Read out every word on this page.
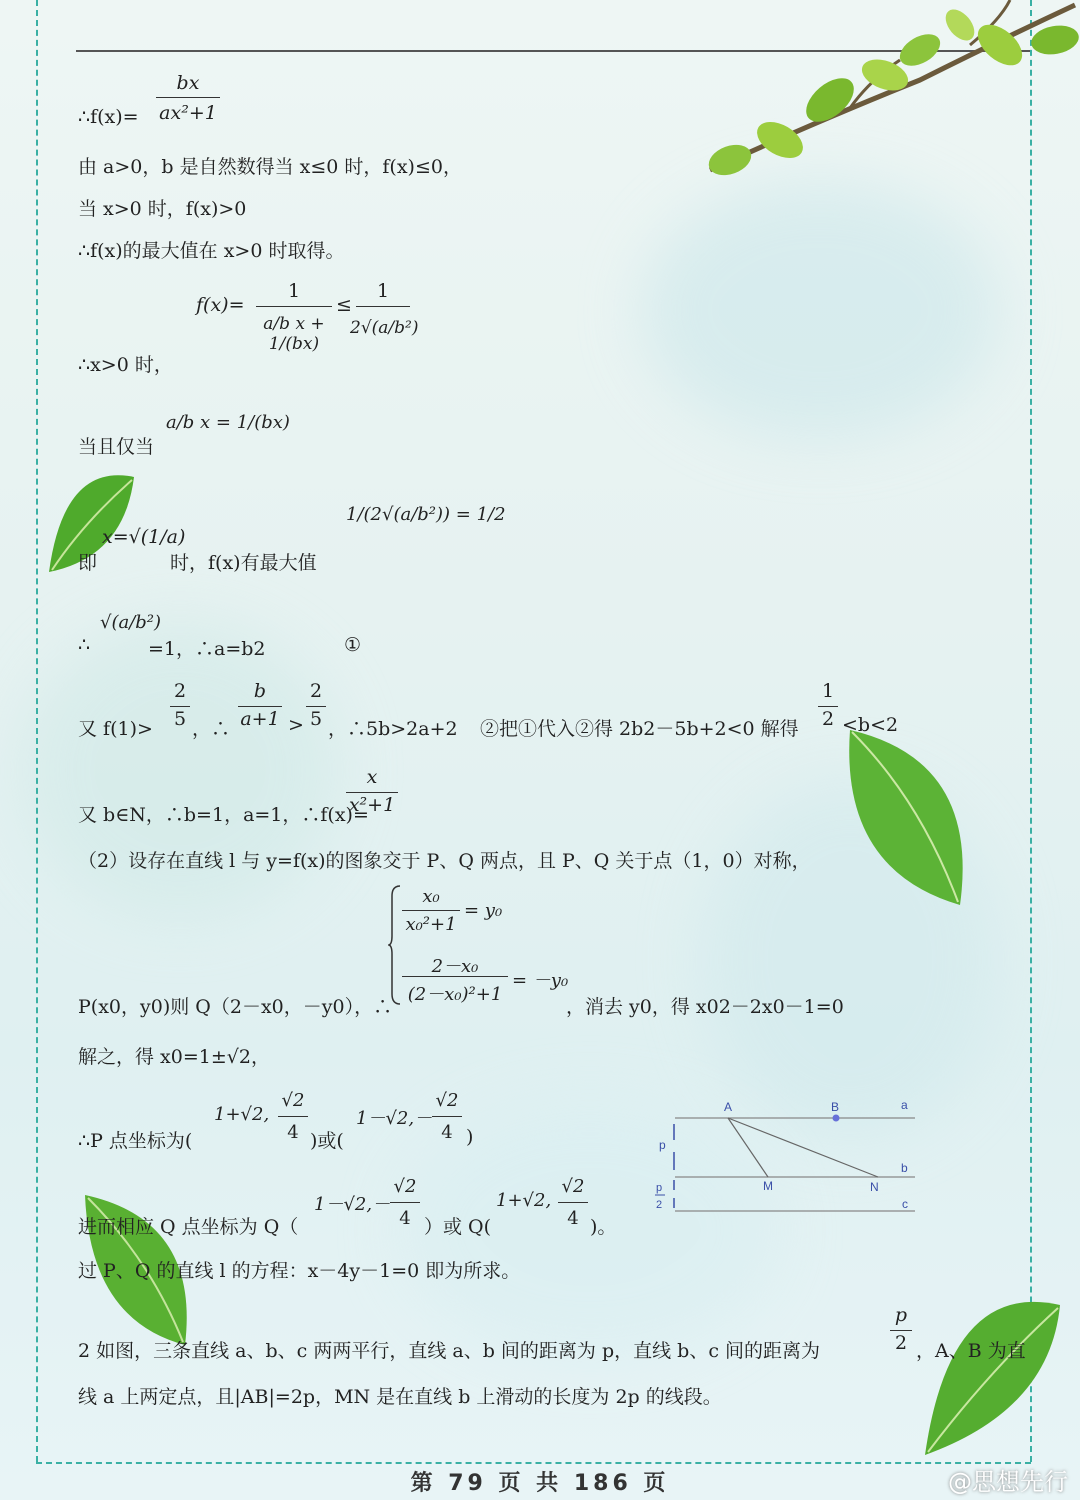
∴f(x)=
bx
ax²+1
由 a>0，b 是自然数得当 x≤0 时，f(x)≤0，
当 x>0 时，f(x)>0
∴f(x)的最大值在 x>0 时取得。
f(x)=
1
a/b x + 1/(bx)
≤
1
2√(a/b²)
∴x>0 时，
当且仅当
a/b x = 1/(bx)
即
x=√(1/a)
时，f(x)有最大值
1/(2√(a/b²)) = 1/2
∴
√(a/b²)
=1，∴a=b2	①
又 f(1)>
2
5 ，∴
b
a+1 >
2
5 ，∴5b>2a+2 ②把①代入②得 2b2－5b+2<0 解得
1
2 <b<2
又 b∈N，∴b=1，a=1，∴f(x)=
x
x²+1
（2）设存在直线 l 与 y=f(x)的图象交于 P、Q 两点，且 P、Q 关于点（1，0）对称，
x₀
x₀²+1
= y₀
2－x₀
(2－x₀)²+1
= －y₀
P(x0，y0)则 Q（2－x0，－y0），∴	，消去 y0，得 x02－2x0－1=0
解之，得 x0=1±√2，
∴P 点坐标为(
1+√2,
√2
4 )或(
1－√2,－
√2
4 )
进而相应 Q 点坐标为 Q（
1－√2,－
√2
4 ）或 Q(
1+√2,
√2
4 )。
过 P、Q 的直线 l 的方程：x－4y－1=0 即为所求。
2 如图，三条直线 a、b、c 两两平行，直线 a、b 间的距离为 p，直线 b、c 间的距离为
p
2 ，A、B 为直
线 a 上两定点，且|AB|=2p，MN 是在直线 b 上滑动的长度为 2p 的线段。
A	B	a
p
b
M	N
p
2	c
第 79 页 共 186 页	@思想先行
